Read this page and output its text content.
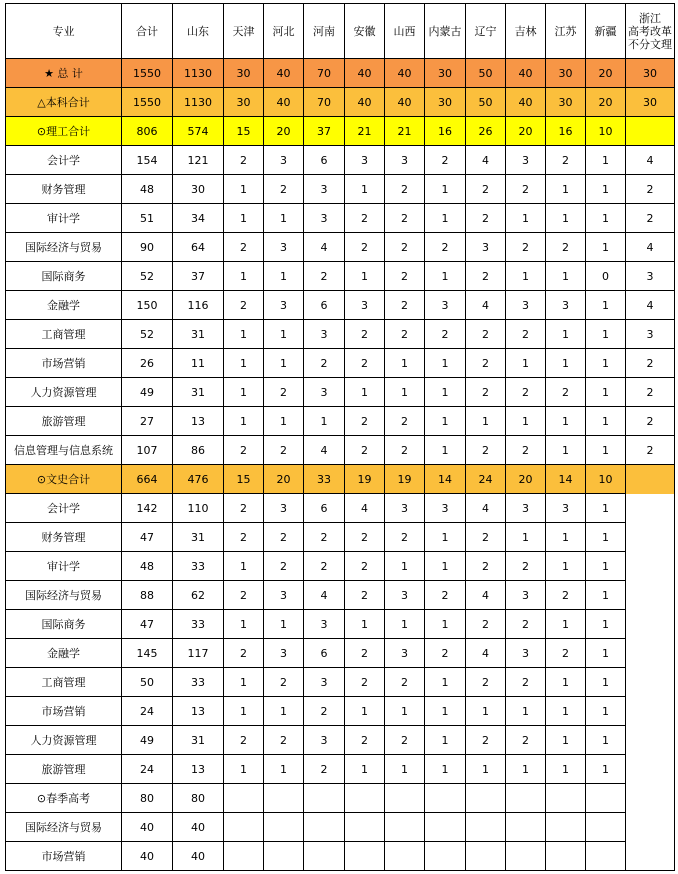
专业	合计	山东	天津	河北	河南	安徽	山西	内蒙古	辽宁	吉林	江苏	新疆	浙江
高考改革
不分文理
★ 总 计	1550	1130	30	40	70	40	40	30	50	40	30	20	30
△本科合计	1550	1130	30	40	70	40	40	30	50	40	30	20	30
⊙理工合计	806	574	15	20	37	21	21	16	26	20	16	10	
会计学	154	121	2	3	6	3	3	2	4	3	2	1	4
财务管理	48	30	1	2	3	1	2	1	2	2	1	1	2
审计学	51	34	1	1	3	2	2	1	2	1	1	1	2
国际经济与贸易	90	64	2	3	4	2	2	2	3	2	2	1	4
国际商务	52	37	1	1	2	1	2	1	2	1	1	0	3
金融学	150	116	2	3	6	3	2	3	4	3	3	1	4
工商管理	52	31	1	1	3	2	2	2	2	2	1	1	3
市场营销	26	11	1	1	2	2	1	1	2	1	1	1	2
人力资源管理	49	31	1	2	3	1	1	1	2	2	2	1	2
旅游管理	27	13	1	1	1	2	2	1	1	1	1	1	2
信息管理与信息系统	107	86	2	2	4	2	2	1	2	2	1	1	2
⊙文史合计	664	476	15	20	33	19	19	14	24	20	14	10	
会计学	142	110	2	3	6	4	3	3	4	3	3	1	
财务管理	47	31	2	2	2	2	2	1	2	1	1	1	
审计学	48	33	1	2	2	2	1	1	2	2	1	1	
国际经济与贸易	88	62	2	3	4	2	3	2	4	3	2	1	
国际商务	47	33	1	1	3	1	1	1	2	2	1	1	
金融学	145	117	2	3	6	2	3	2	4	3	2	1	
工商管理	50	33	1	2	3	2	2	1	2	2	1	1	
市场营销	24	13	1	1	2	1	1	1	1	1	1	1	
人力资源管理	49	31	2	2	3	2	2	1	2	2	1	1	
旅游管理	24	13	1	1	2	1	1	1	1	1	1	1	
⊙春季高考	80	80											
国际经济与贸易	40	40											
市场营销	40	40											
